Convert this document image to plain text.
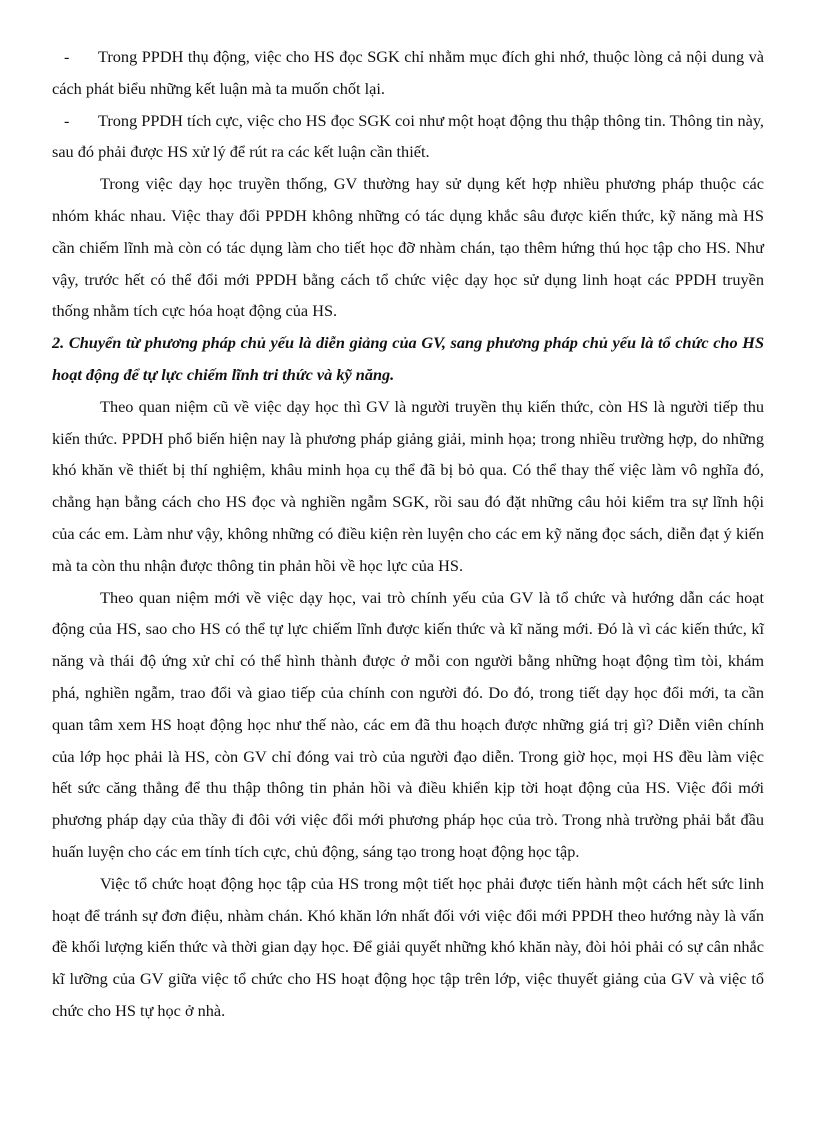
- Trong PPDH thụ động, việc cho HS đọc SGK chỉ nhằm mục đích ghi nhớ, thuộc lòng cả nội dung và cách phát biểu những kết luận mà ta muốn chốt lại.

- Trong PPDH tích cực, việc cho HS đọc SGK coi như một hoạt động thu thập thông tin. Thông tin này, sau đó phải được HS xử lý để rút ra các kết luận cần thiết.

Trong việc dạy học truyền thống, GV thường hay sử dụng kết hợp nhiều phương pháp thuộc các nhóm khác nhau. Việc thay đổi PPDH không những có tác dụng khắc sâu được kiến thức, kỹ năng mà HS cần chiếm lĩnh mà còn có tác dụng làm cho tiết học đỡ nhàm chán, tạo thêm hứng thú học tập cho HS. Như vậy, trước hết có thể đổi mới PPDH bằng cách tổ chức việc dạy học sử dụng linh hoạt các PPDH truyền thống nhằm tích cực hóa hoạt động của HS.

2. Chuyển từ phương pháp chủ yếu là diễn giảng của GV, sang phương pháp chủ yếu là tổ chức cho HS hoạt động để tự lực chiếm lĩnh tri thức và kỹ năng.

Theo quan niệm cũ về việc dạy học thì GV là người truyền thụ kiến thức, còn HS là người tiếp thu kiến thức. PPDH phổ biến hiện nay là phương pháp giảng giải, minh họa; trong nhiều trường hợp, do những khó khăn về thiết bị thí nghiệm, khâu minh họa cụ thể đã bị bỏ qua. Có thể thay thế việc làm vô nghĩa đó, chẳng hạn bằng cách cho HS đọc và nghiền ngẫm SGK, rồi sau đó đặt những câu hỏi kiểm tra sự lĩnh hội của các em. Làm như vậy, không những có điều kiện rèn luyện cho các em kỹ năng đọc sách, diễn đạt ý kiến mà ta còn thu nhận được thông tin phản hồi về học lực của HS.

Theo quan niệm mới về việc dạy học, vai trò chính yếu của GV là tổ chức và hướng dẫn các hoạt động của HS, sao cho HS có thể tự lực chiếm lĩnh được kiến thức và kĩ năng mới. Đó là vì các kiến thức, kĩ năng và thái độ ứng xử chỉ có thể hình thành được ở mỗi con người bằng những hoạt động tìm tòi, khám phá, nghiền ngẫm, trao đổi và giao tiếp của chính con người đó. Do đó, trong tiết dạy học đổi mới, ta cần quan tâm xem HS hoạt động học như thế nào, các em đã thu hoạch được những giá trị gì? Diễn viên chính của lớp học phải là HS, còn GV chỉ đóng vai trò của người đạo diễn. Trong giờ học, mọi HS đều làm việc hết sức căng thẳng để thu thập thông tin phản hồi và điều khiển kịp tời hoạt động của HS. Việc đổi mới phương pháp dạy của thầy đi đôi với việc đổi mới phương pháp học của trò. Trong nhà trường phải bắt đầu huấn luyện cho các em tính tích cực, chủ động, sáng tạo trong hoạt động học tập.

Việc tổ chức hoạt động học tập của HS trong một tiết học phải được tiến hành một cách hết sức linh hoạt để tránh sự đơn điệu, nhàm chán. Khó khăn lớn nhất đối với việc đổi mới PPDH theo hướng này là vấn đề khối lượng kiến thức và thời gian dạy học. Để giải quyết những khó khăn này, đòi hỏi phải có sự cân nhắc kĩ lưỡng của GV giữa việc tổ chức cho HS hoạt động học tập trên lớp, việc thuyết giảng của GV và việc tổ chức cho HS tự học ở nhà.
